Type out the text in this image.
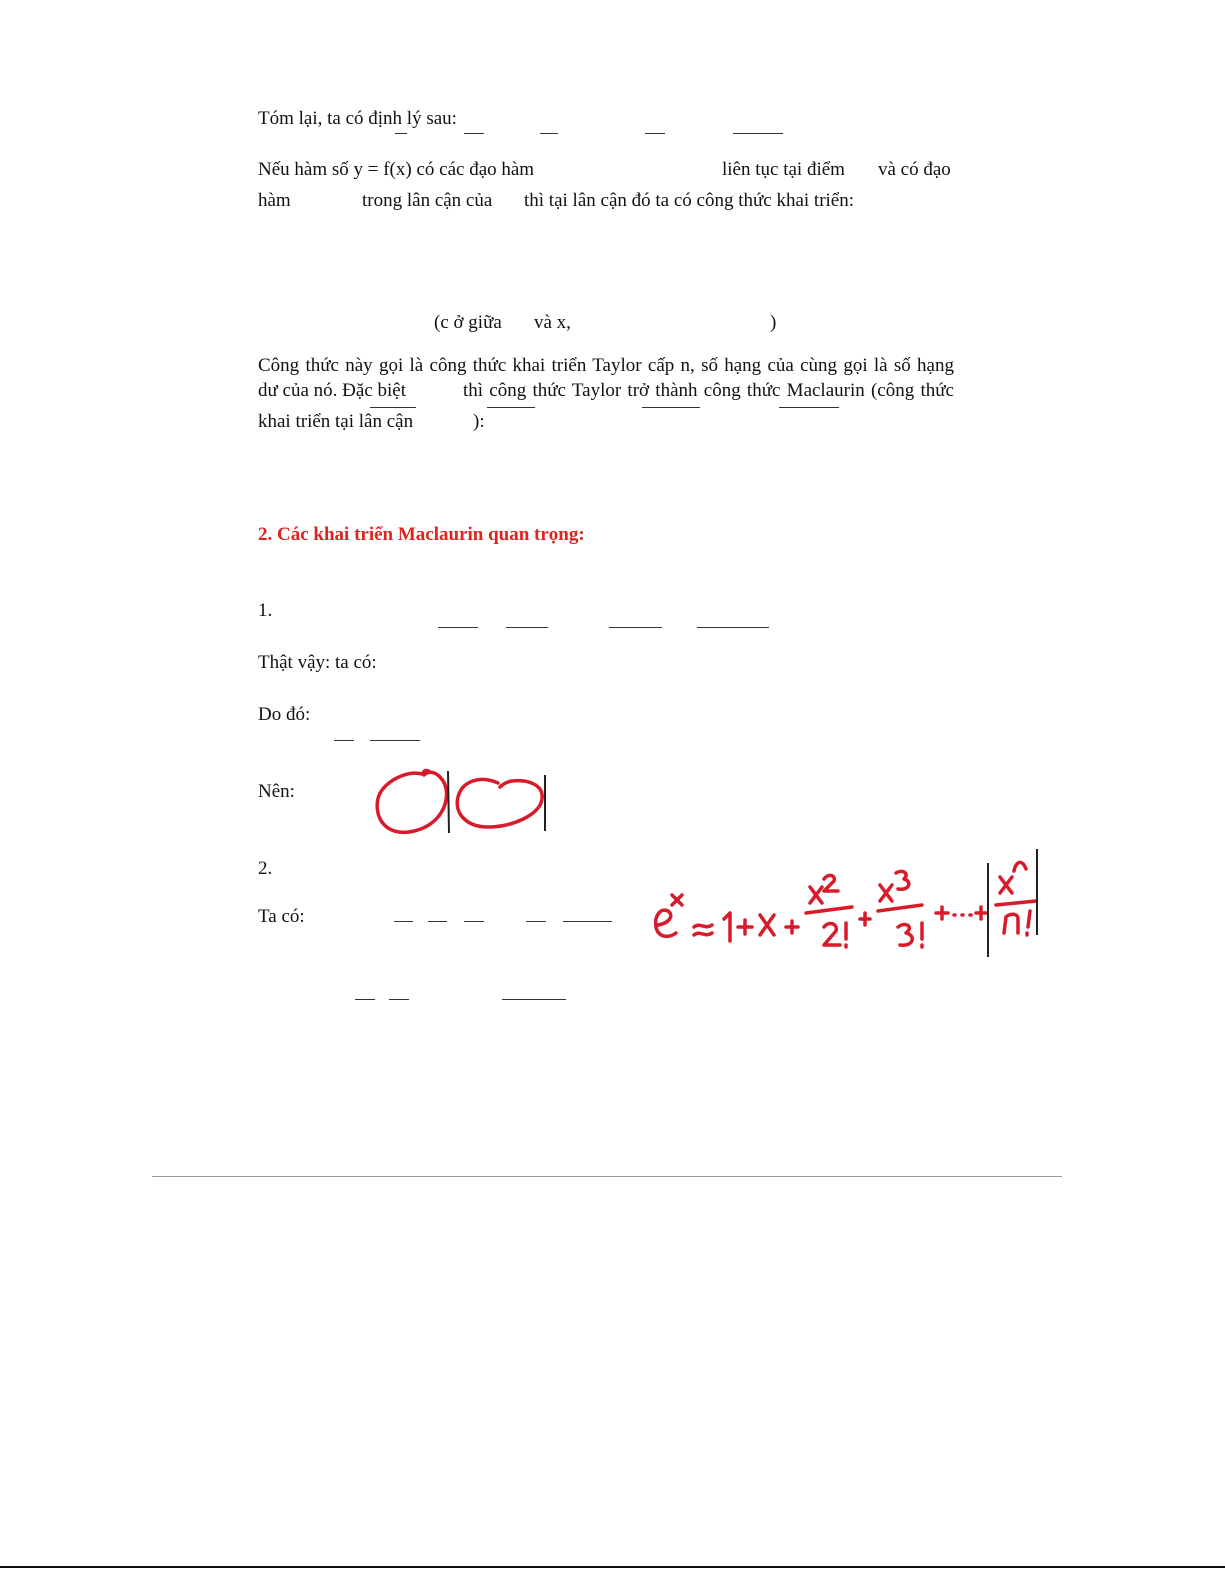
Tóm lại, ta có định lý sau:
Nếu hàm số y = f(x) có các đạo hàm	liên tục tại điểm và có đạo
hàm	trong lân cận của thì tại lân cận đó ta có công thức khai triển:
(c ở giữa và x,	)
Công thức này gọi là công thức khai triển Taylor cấp n, số hạng của cùng gọi là số hạng
dư của nó. Đặc biệt	thì công thức Taylor trở thành công thức Maclaurin (công thức
khai triển tại lân cận	):
2. Các khai triển Maclaurin quan trọng:
1.
Thật vậy: ta có:
Do đó:
Nên:
2.
Ta có:
